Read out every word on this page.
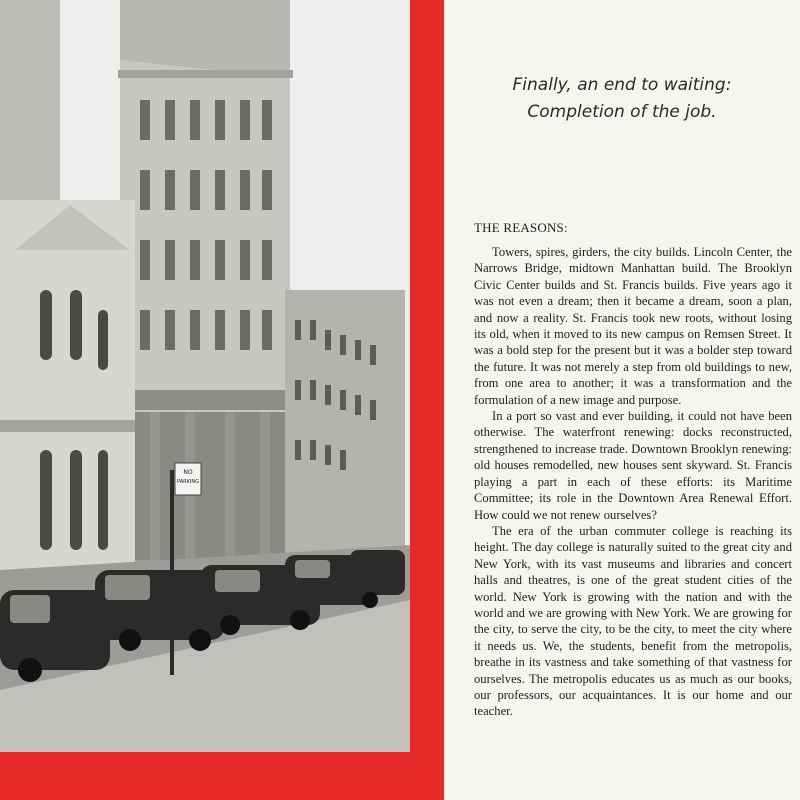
NO
PARKING
Finally, an end to waiting:
Completion of the job.
THE REASONS:

Towers, spires, girders, the city builds. Lincoln Center, the Narrows Bridge, midtown Manhattan build. The Brooklyn Civic Center builds and St. Francis builds. Five years ago it was not even a dream; then it became a dream, soon a plan, and now a reality. St. Francis took new roots, without losing its old, when it moved to its new campus on Remsen Street. It was a bold step for the present but it was a bolder step toward the future. It was not merely a step from old buildings to new, from one area to another; it was a transformation and the formulation of a new image and purpose.

In a port so vast and ever building, it could not have been otherwise. The waterfront renewing: docks reconstructed, strengthened to increase trade. Downtown Brooklyn renewing: old houses remodelled, new houses sent skyward. St. Francis playing a part in each of these efforts: its Maritime Committee; its role in the Downtown Area Renewal Effort. How could we not renew ourselves?

The era of the urban commuter college is reaching its height. The day college is naturally suited to the great city and New York, with its vast museums and libraries and concert halls and theatres, is one of the great student cities of the world. New York is growing with the nation and with the world and we are growing with New York. We are growing for the city, to serve the city, to be the city, to meet the city where it needs us. We, the students, benefit from the metropolis, breathe in its vastness and take something of that vastness for ourselves. The metropolis educates us as much as our books, our professors, our acquaintances. It is our home and our teacher.
